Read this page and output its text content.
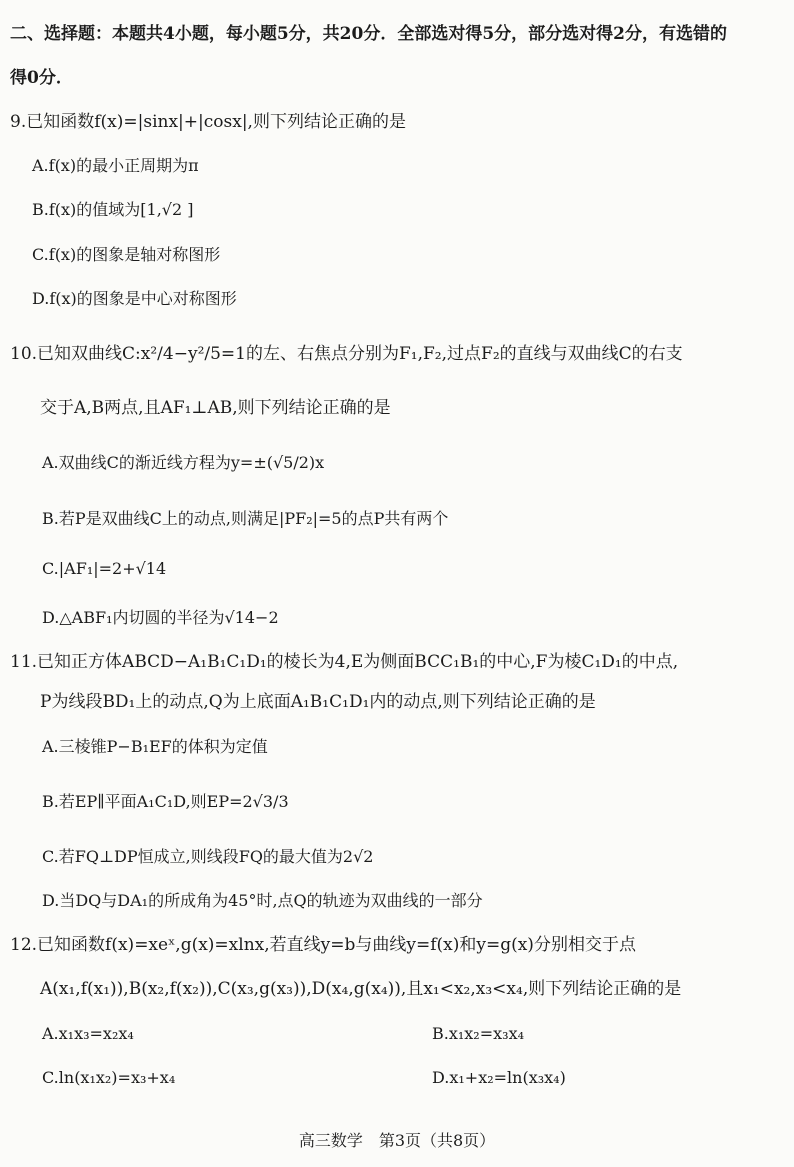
二、选择题：本题共4小题，每小题5分，共20分．全部选对得5分，部分选对得2分，有选错的
得0分．
9.已知函数f(x)=|sinx|+|cosx|,则下列结论正确的是
A.f(x)的最小正周期为π
B.f(x)的值域为[1,√2 ]
C.f(x)的图象是轴对称图形
D.f(x)的图象是中心对称图形
10.已知双曲线C:x²/4−y²/5=1的左、右焦点分别为F₁,F₂,过点F₂的直线与双曲线C的右支
交于A,B两点,且AF₁⊥AB,则下列结论正确的是
A.双曲线C的渐近线方程为y=±(√5/2)x
B.若P是双曲线C上的动点,则满足|PF₂|=5的点P共有两个
C.|AF₁|=2+√14
D.△ABF₁内切圆的半径为√14−2
11.已知正方体ABCD−A₁B₁C₁D₁的棱长为4,E为侧面BCC₁B₁的中心,F为棱C₁D₁的中点,
P为线段BD₁上的动点,Q为上底面A₁B₁C₁D₁内的动点,则下列结论正确的是
A.三棱锥P−B₁EF的体积为定值
B.若EP∥平面A₁C₁D,则EP=2√3/3
C.若FQ⊥DP恒成立,则线段FQ的最大值为2√2
D.当DQ与DA₁的所成角为45°时,点Q的轨迹为双曲线的一部分
12.已知函数f(x)=xeˣ,g(x)=xlnx,若直线y=b与曲线y=f(x)和y=g(x)分别相交于点
A(x₁,f(x₁)),B(x₂,f(x₂)),C(x₃,g(x₃)),D(x₄,g(x₄)),且x₁<x₂,x₃<x₄,则下列结论正确的是
A.x₁x₃=x₂x₄	B.x₁x₂=x₃x₄
C.ln(x₁x₂)=x₃+x₄	D.x₁+x₂=ln(x₃x₄)
高三数学　第3页（共8页）
